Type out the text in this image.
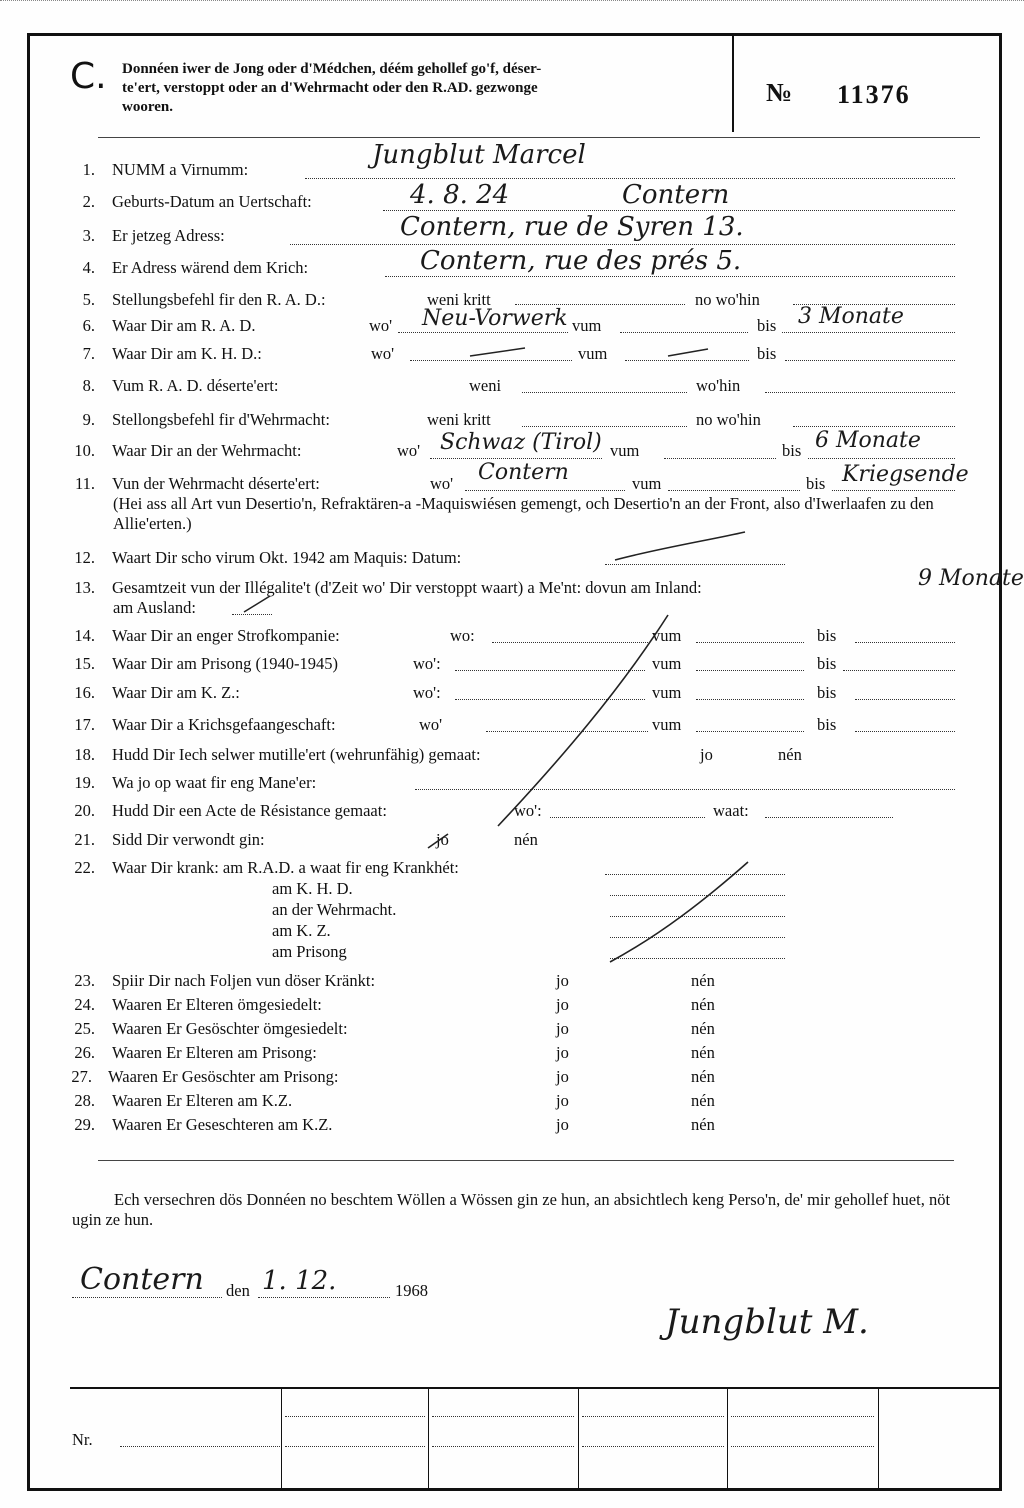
C. Donnéen iwer de Jong oder d'Médchen, déém gehollef go'f, déser-
te'ert, verstoppt oder an d'Wehrmacht oder den R.AD. gezwonge
wooren.	№ 11376
1. NUMM a Virnumm:	Jungblut Marcel
2. Geburts-Datum an Uertschaft:	4. 8. 24	Contern
3. Er jetzeg Adress:	Contern, rue de Syren 13.
4. Er Adress wärend dem Krich:	Contern, rue des prés 5.
5. Stellungsbefehl fir den R. A. D.:	weni kritt	no wo'hin
6. Waar Dir am R. A. D.	wo' Neu-Vorwerk vum	bis 3 Monate
7. Waar Dir am K. H. D.:	wo'	vum	bis
8. Vum R. A. D. déserte'ert:	weni	wo'hin
9. Stellongsbefehl fir d'Wehrmacht:	weni kritt	no wo'hin
10. Waar Dir an der Wehrmacht:	wo' Schwaz (Tirol) vum	bis 6 Monate
11. Vun der Wehrmacht déserte'ert:	wo' Contern	vum	bis Kriegsende
(Hei ass all Art vun Desertio'n, Refraktären-a -Maquiswiésen gemengt, och Desertio'n an der Front, also d'Iwerlaafen zu den Allie'erten.)
12. Waart Dir scho virum Okt. 1942 am Maquis: Datum:
13. Gesamtzeit vun der Illégalite't (d'Zeit wo' Dir verstoppt waart) a Me'nt: dovun am Inland:	9 Monate
am Ausland:
14. Waar Dir an enger Strofkompanie:	wo:	vum	bis
15. Waar Dir am Prisong (1940-1945)	wo':	vum	bis
16. Waar Dir am K. Z.:	wo':	vum	bis
17. Waar Dir a Krichsgefaangeschaft:	wo'	vum	bis
18. Hudd Dir Iech selwer mutille'ert (wehrunfähig) gemaat:	jo	nén
19. Wa jo op waat fir eng Mane'er:
20. Hudd Dir een Acte de Résistance gemaat:	wo':	waat:
21. Sidd Dir verwondt gin:	jo	nén
22. Waar Dir krank: am R.A.D. a waat fir eng Krankhét:
am K. H. D.
an der Wehrmacht.
am K. Z.
am Prisong
23. Spiir Dir nach Foljen vun döser Kränkt:	jo	nén
24. Waaren Er Elteren ömgesiedelt:	jo	nén
25. Waaren Er Gesöschter ömgesiedelt:	jo	nén
26. Waaren Er Elteren am Prisong:	jo	nén
27. Waaren Er Gesöschter am Prisong:	jo	nén
28. Waaren Er Elteren am K.Z.	jo	nén
29. Waaren Er Geseschteren am K.Z.	jo	nén
Ech versechren dös Donnéen no beschtem Wöllen a Wössen gin ze hun, an absichtlech keng Perso'n, de' mir gehollef huet, nöt ugin ze hun.
Contern den 1. 12.	1968
Jungblut M.
Nr.
